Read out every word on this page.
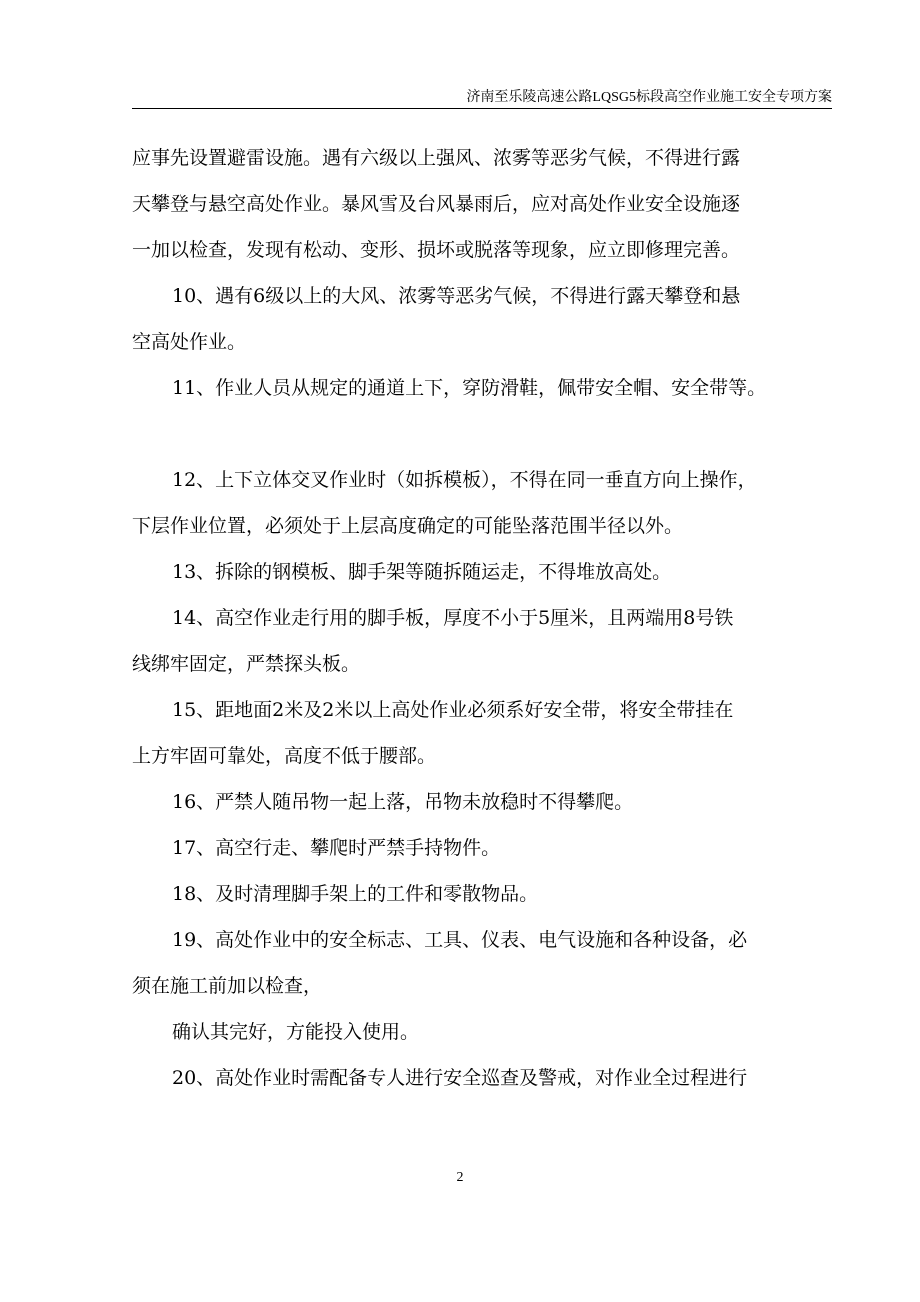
济南至乐陵高速公路LQSG5标段高空作业施工安全专项方案

应事先设置避雷设施。遇有六级以上强风、浓雾等恶劣气候，不得进行露
天攀登与悬空高处作业。暴风雪及台风暴雨后，应对高处作业安全设施逐
一加以检查，发现有松动、变形、损坏或脱落等现象，应立即修理完善。

10、遇有6级以上的大风、浓雾等恶劣气候，不得进行露天攀登和悬
空高处作业。

11、作业人员从规定的通道上下，穿防滑鞋，佩带安全帽、安全带等。

12、上下立体交叉作业时（如拆模板），不得在同一垂直方向上操作，
下层作业位置，必须处于上层高度确定的可能坠落范围半径以外。

13、拆除的钢模板、脚手架等随拆随运走，不得堆放高处。

14、高空作业走行用的脚手板，厚度不小于5厘米，且两端用8号铁
线绑牢固定，严禁探头板。

15、距地面2米及2米以上高处作业必须系好安全带，将安全带挂在
上方牢固可靠处，高度不低于腰部。

16、严禁人随吊物一起上落，吊物未放稳时不得攀爬。

17、高空行走、攀爬时严禁手持物件。

18、及时清理脚手架上的工件和零散物品。

19、高处作业中的安全标志、工具、仪表、电气设施和各种设备，必
须在施工前加以检查，

确认其完好，方能投入使用。

20、高处作业时需配备专人进行安全巡查及警戒，对作业全过程进行

2
